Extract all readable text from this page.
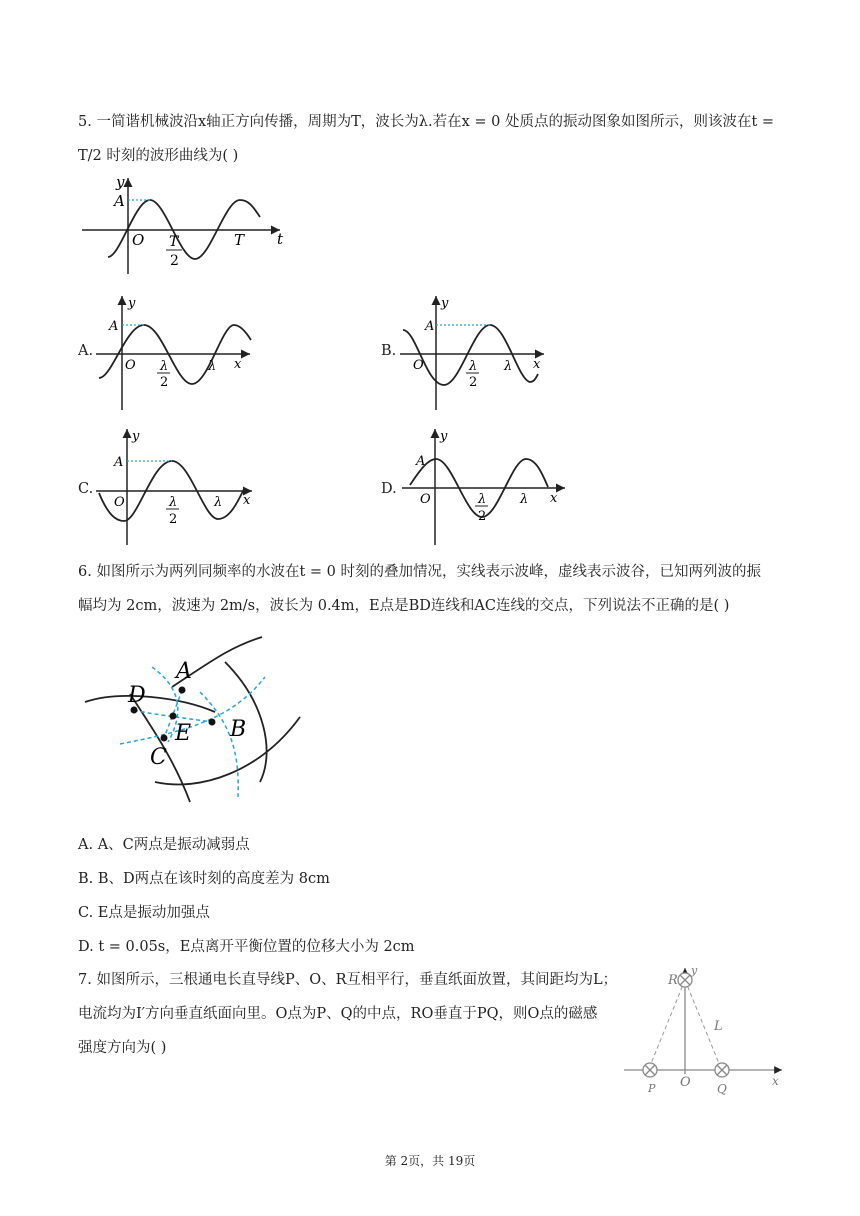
5. 一简谐机械波沿x轴正方向传播，周期为T，波长为λ.若在x = 0 处质点的振动图象如图所示，则该波在t =
T/2 时刻的波形曲线为( )
y
A
O T
2
T t
A.
y
A
O λ
2
λ x
B.
y
A
O	λ
2
λ x
C.
y
A
O	λ
2
λ x
D.
y
A
O	λ
2
λ x
6. 如图所示为两列同频率的水波在t = 0 时刻的叠加情况，实线表示波峰，虚线表示波谷，已知两列波的振
幅均为 2cm，波速为 2m/s，波长为 0.4m，E点是BD连线和AC连线的交点，下列说法不正确的是( )
A
D
B
E
C
A. A、C两点是振动减弱点
B. B、D两点在该时刻的高度差为 8cm
C. E点是振动加强点
D. t = 0.05s，E点离开平衡位置的位移大小为 2cm
7. 如图所示，三根通电长直导线P、O、R互相平行，垂直纸面放置，其间距均为L；
电流均为I′方向垂直纸面向里。O点为P、Q的中点，RO垂直于PQ，则O点的磁感
强度方向为( )
y
R
L
P O Q
x
第 2页，共 19页
